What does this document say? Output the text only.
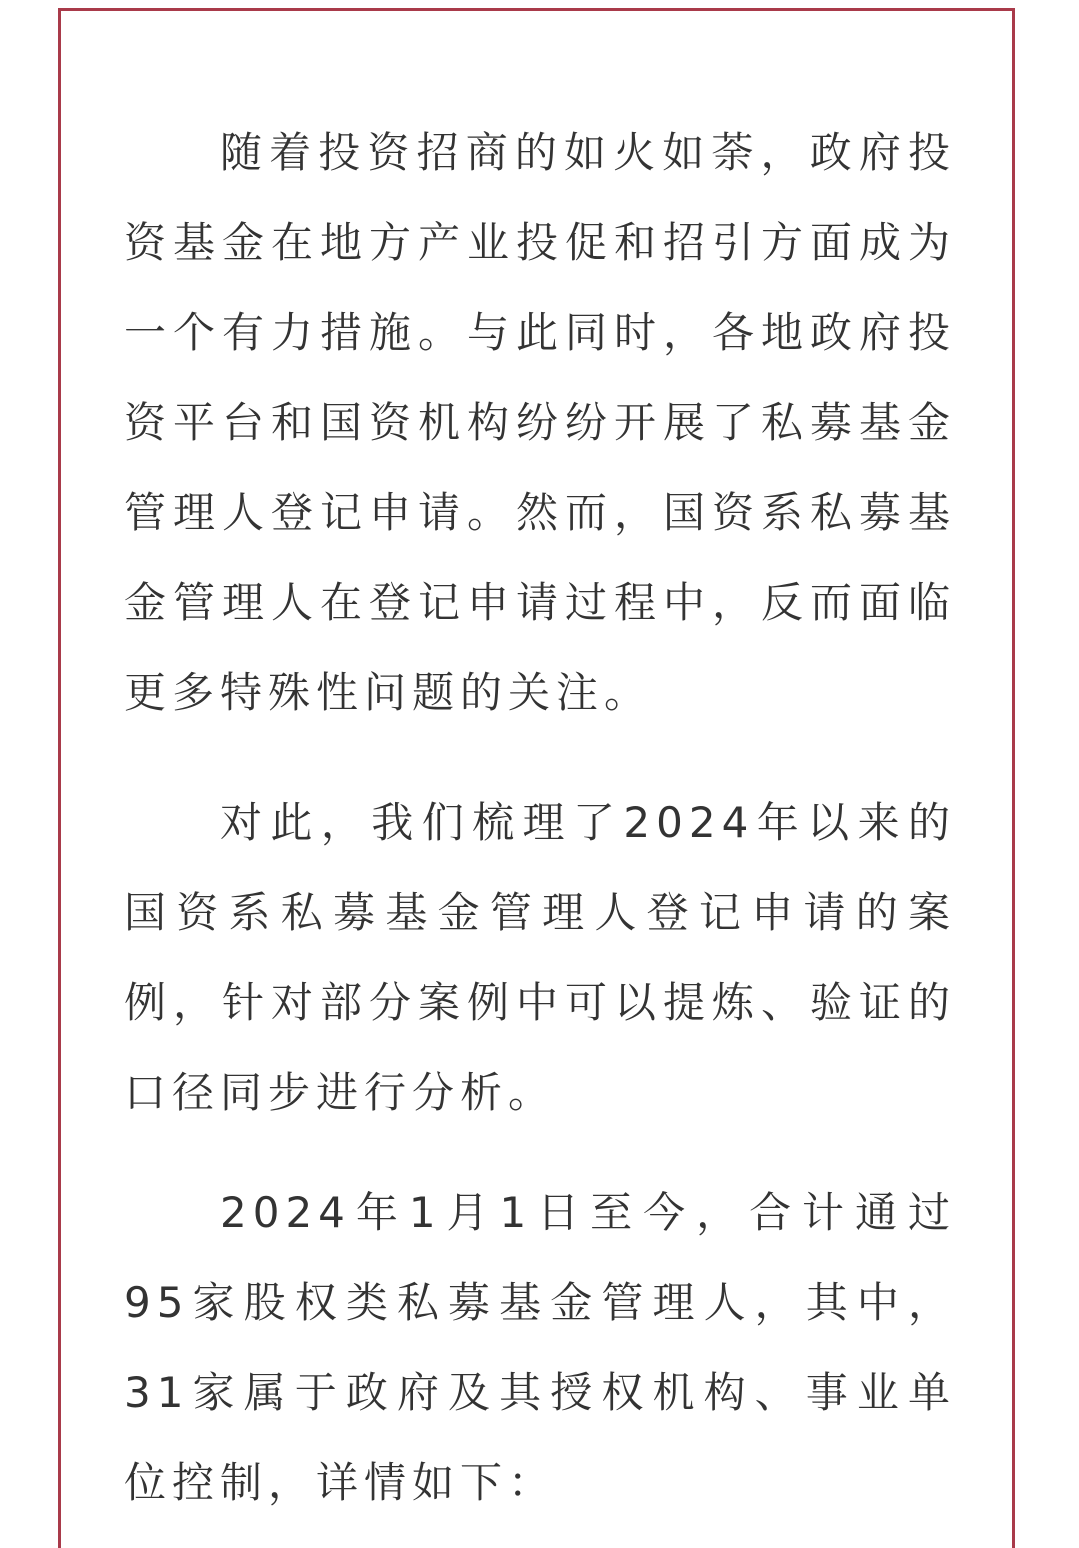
随着投资招商的如火如荼，政府投资基金在地方产业投促和招引方面成为一个有力措施。与此同时，各地政府投资平台和国资机构纷纷开展了私募基金管理人登记申请。然而，国资系私募基金管理人在登记申请过程中，反而面临更多特殊性问题的关注。

对此，我们梳理了2024年以来的国资系私募基金管理人登记申请的案例，针对部分案例中可以提炼、验证的口径同步进行分析。

2024年1月1日至今，合计通过95家股权类私募基金管理人，其中，31家属于政府及其授权机构、事业单位控制，详情如下：
